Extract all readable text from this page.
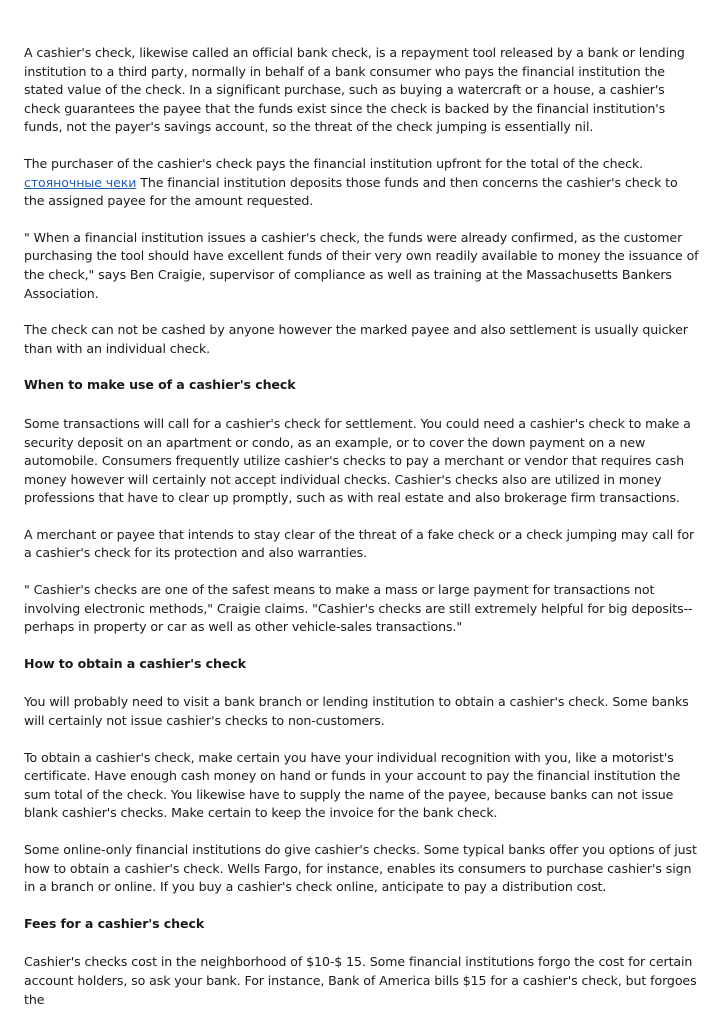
A cashier's check, likewise called an official bank check, is a repayment tool released by a bank or lending institution to a third party, normally in behalf of a bank consumer who pays the financial institution the stated value of the check. In a significant purchase, such as buying a watercraft or a house, a cashier's check guarantees the payee that the funds exist since the check is backed by the financial institution's funds, not the payer's savings account, so the threat of the check jumping is essentially nil.

The purchaser of the cashier's check pays the financial institution upfront for the total of the check. стояночные чеки The financial institution deposits those funds and then concerns the cashier's check to the assigned payee for the amount requested.

" When a financial institution issues a cashier's check, the funds were already confirmed, as the customer purchasing the tool should have excellent funds of their very own readily available to money the issuance of the check," says Ben Craigie, supervisor of compliance as well as training at the Massachusetts Bankers Association.

The check can not be cashed by anyone however the marked payee and also settlement is usually quicker than with an individual check.

When to make use of a cashier's check

Some transactions will call for a cashier's check for settlement. You could need a cashier's check to make a security deposit on an apartment or condo, as an example, or to cover the down payment on a new automobile. Consumers frequently utilize cashier's checks to pay a merchant or vendor that requires cash money however will certainly not accept individual checks. Cashier's checks also are utilized in money professions that have to clear up promptly, such as with real estate and also brokerage firm transactions.

A merchant or payee that intends to stay clear of the threat of a fake check or a check jumping may call for a cashier's check for its protection and also warranties.

" Cashier's checks are one of the safest means to make a mass or large payment for transactions not involving electronic methods," Craigie claims. "Cashier's checks are still extremely helpful for big deposits-- perhaps in property or car as well as other vehicle-sales transactions."

How to obtain a cashier's check

You will probably need to visit a bank branch or lending institution to obtain a cashier's check. Some banks will certainly not issue cashier's checks to non-customers.

To obtain a cashier's check, make certain you have your individual recognition with you, like a motorist's certificate. Have enough cash money on hand or funds in your account to pay the financial institution the sum total of the check. You likewise have to supply the name of the payee, because banks can not issue blank cashier's checks. Make certain to keep the invoice for the bank check.

Some online-only financial institutions do give cashier's checks. Some typical banks offer you options of just how to obtain a cashier's check. Wells Fargo, for instance, enables its consumers to purchase cashier's sign in a branch or online. If you buy a cashier's check online, anticipate to pay a distribution cost.

Fees for a cashier's check

Cashier's checks cost in the neighborhood of $10-$ 15. Some financial institutions forgo the cost for certain account holders, so ask your bank. For instance, Bank of America bills $15 for a cashier's check, but forgoes the
